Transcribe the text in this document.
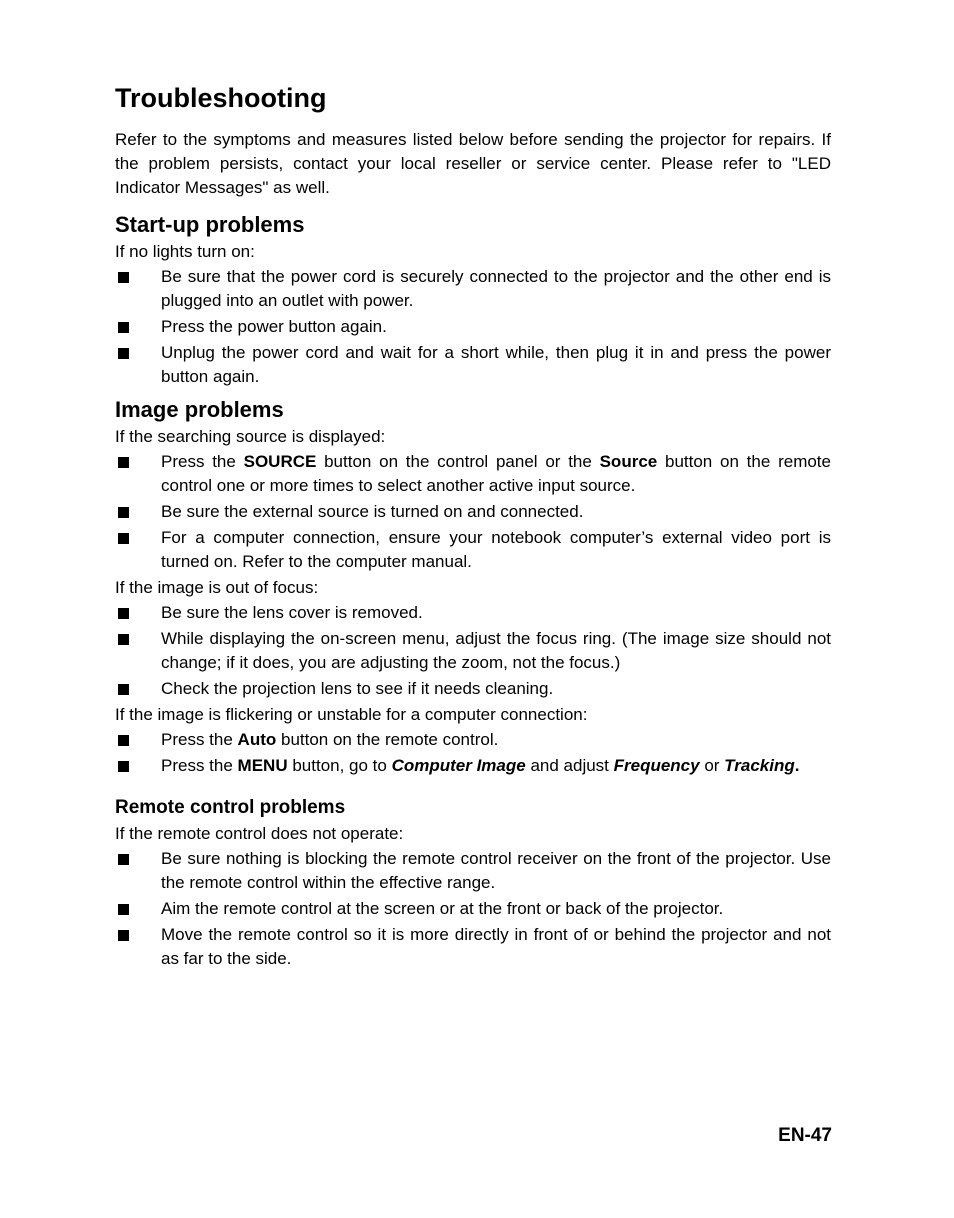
Troubleshooting

Refer to the symptoms and measures listed below before sending the projector for repairs. If the problem persists, contact your local reseller or service center. Please refer to "LED Indicator Messages" as well.

Start-up problems

If no lights turn on:

Be sure that the power cord is securely connected to the projector and the other end is plugged into an outlet with power.
Press the power button again.
Unplug the power cord and wait for a short while, then plug it in and press the power button again.
Image problems

If the searching source is displayed:

Press the SOURCE button on the control panel or the Source button on the remote control one or more times to select another active input source.
Be sure the external source is turned on and connected.
For a computer connection, ensure your notebook computer’s external video port is turned on. Refer to the computer manual.

If the image is out of focus:

Be sure the lens cover is removed.
While displaying the on-screen menu, adjust the focus ring. (The image size should not change; if it does, you are adjusting the zoom, not the focus.)
Check the projection lens to see if it needs cleaning.

If the image is flickering or unstable for a computer connection:

Press the Auto button on the remote control.
Press the MENU button, go to Computer Image and adjust Frequency or Tracking.
Remote control problems

If the remote control does not operate:

Be sure nothing is blocking the remote control receiver on the front of the projector. Use the remote control within the effective range.
Aim the remote control at the screen or at the front or back of the projector.
Move the remote control so it is more directly in front of or behind the projector and not as far to the side.
EN-47
